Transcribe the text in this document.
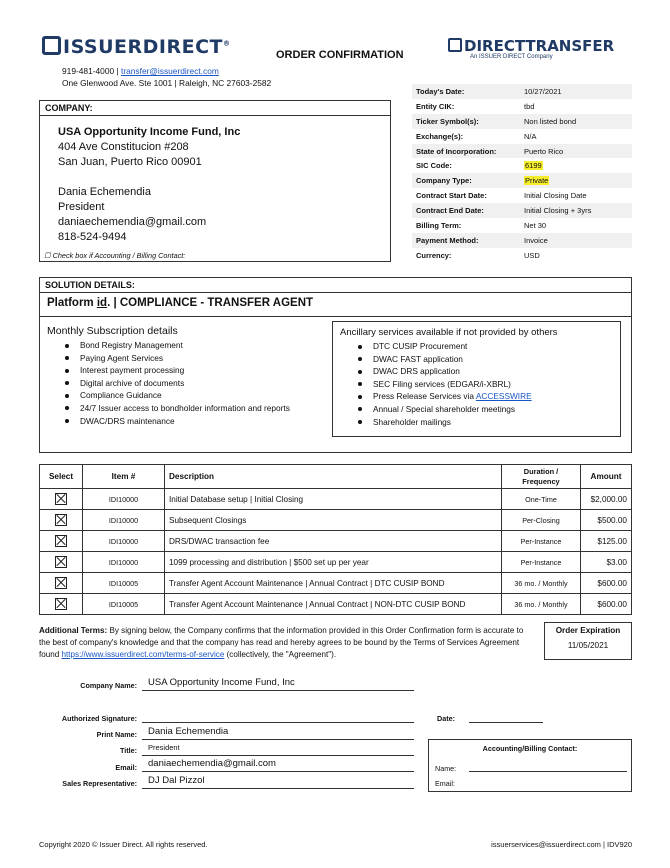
ISSUERDIRECT®
ORDER CONFIRMATION	DIRECTTRANSFER
An ISSUER DIRECT Company
919-481-4000 | transfer@issuerdirect.com
One Glenwood Ave. Ste 1001 | Raleigh, NC 27603-2582
COMPANY:
USA Opportunity Income Fund, Inc
404 Ave Constitucion #208
San Juan, Puerto Rico 00901
Dania Echemendia
President
daniaechemendia@gmail.com
818-524-9494
☐ Check box if Accounting / Billing Contact:
Today's Date:	10/27/2021
Entity CIK:	tbd
Ticker Symbol(s):	Non listed bond
Exchange(s):	N/A
State of Incorporation:	Puerto Rico
SIC Code:	6199
Company Type:	Private
Contract Start Date:	Initial Closing Date
Contract End Date:	Initial Closing + 3yrs
Billing Term:	Net 30
Payment Method:	Invoice
Currency:	USD
SOLUTION DETAILS:
Platform id. | COMPLIANCE - TRANSFER AGENT
Monthly Subscription details
Bond Registry Management
Paying Agent Services
Interest payment processing
Digital archive of documents
Compliance Guidance
24/7 Issuer access to bondholder information and reports
DWAC/DRS maintenance
Ancillary services available if not provided by others
DTC CUSIP Procurement
DWAC FAST application
DWAC DRS application
SEC Filing services (EDGAR/i-XBRL)
Press Release Services via ACCESSWIRE
Annual / Special shareholder meetings
Shareholder mailings
Select	Item #	Description	Duration /
Frequency	Amount
	IDI10000	Initial Database setup | Initial Closing	One-Time	$2,000.00
	IDI10000	Subsequent Closings	Per-Closing	$500.00
	IDI10000	DRS/DWAC transaction fee	Per-Instance	$125.00
	IDI10000	1099 processing and distribution | $500 set up per year	Per-Instance	$3.00
	IDI10005	Transfer Agent Account Maintenance | Annual Contract | DTC CUSIP BOND	36 mo. / Monthly	$600.00
	IDI10005	Transfer Agent Account Maintenance | Annual Contract | NON-DTC CUSIP BOND	36 mo. / Monthly	$600.00
Additional Terms: By signing below, the Company confirms that the information provided in this Order Confirmation form is accurate to the best of company's knowledge and that the company has read and hereby agrees to be bound by the Terms of Services Agreement found https://www.issuerdirect.com/terms-of-service (collectively, the "Agreement").
Order Expiration
11/05/2021
Company Name:	USA Opportunity Income Fund, Inc
Authorized Signature:	Date:
Print Name:	Dania Echemendia
Title:	President
Email:	daniaechemendia@gmail.com
Sales Representative:	DJ Dal Pizzol
Accounting/Billing Contact:
Name:
Email:
Copyright 2020 © Issuer Direct. All rights reserved.	issuerservices@issuerdirect.com | IDV920
